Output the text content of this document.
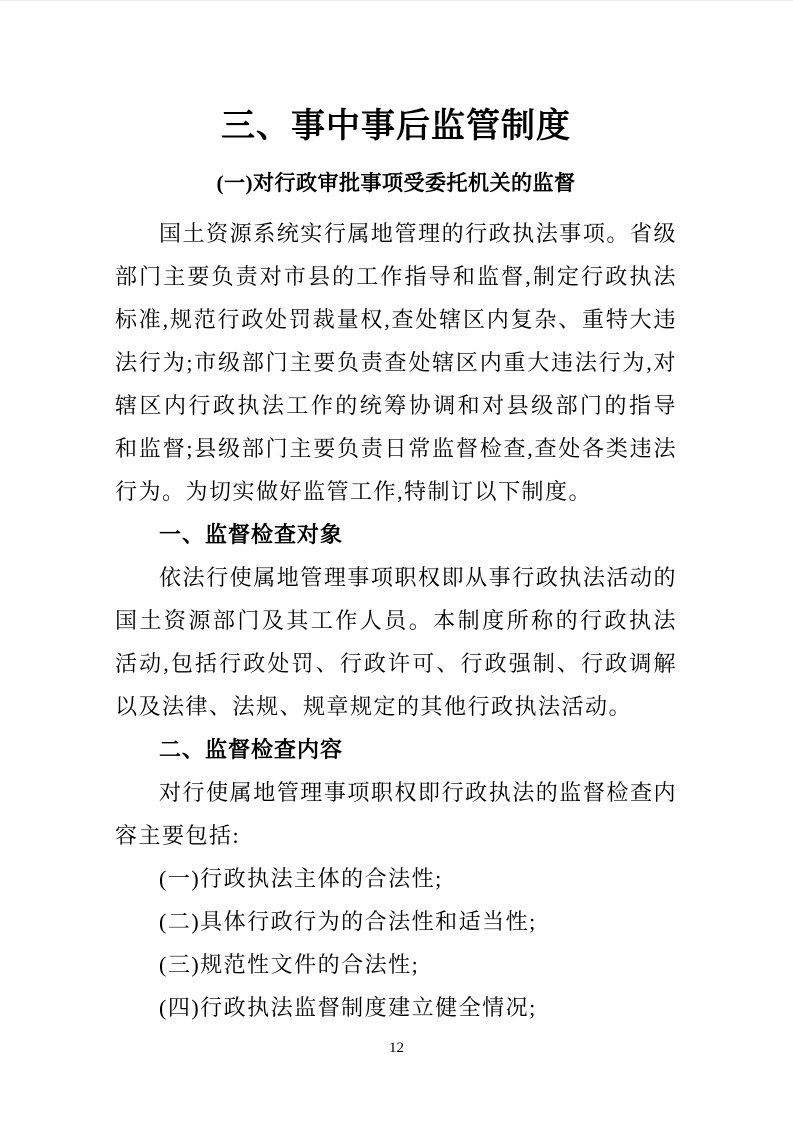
三、事中事后监管制度
(一)对行政审批事项受委托机关的监督

国土资源系统实行属地管理的行政执法事项。省级部门主要负责对市县的工作指导和监督,制定行政执法标准,规范行政处罚裁量权,查处辖区内复杂、重特大违法行为;市级部门主要负责查处辖区内重大违法行为,对辖区内行政执法工作的统筹协调和对县级部门的指导和监督;县级部门主要负责日常监督检查,查处各类违法行为。为切实做好监管工作,特制订以下制度。

一、监督检查对象

依法行使属地管理事项职权即从事行政执法活动的国土资源部门及其工作人员。本制度所称的行政执法活动,包括行政处罚、行政许可、行政强制、行政调解以及法律、法规、规章规定的其他行政执法活动。

二、监督检查内容

对行使属地管理事项职权即行政执法的监督检查内容主要包括:

(一)行政执法主体的合法性;

(二)具体行政行为的合法性和适当性;

(三)规范性文件的合法性;

(四)行政执法监督制度建立健全情况;

12
